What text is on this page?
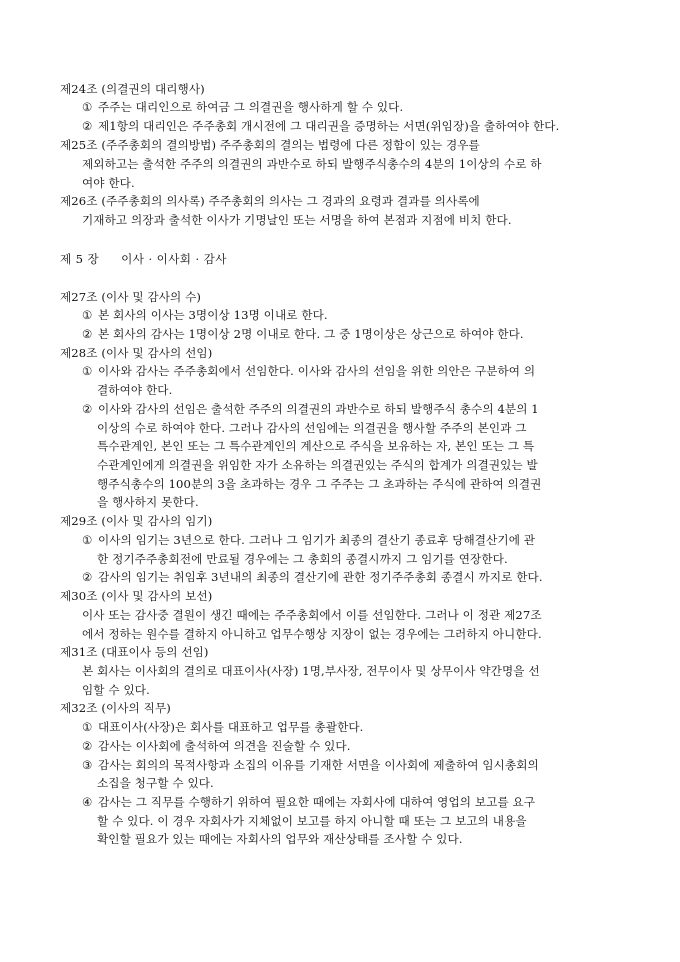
제24조 (의결권의 대리행사)
① 주주는 대리인으로 하여금 그 의결권을 행사하게 할 수 있다.
② 제1항의 대리인은 주주총회 개시전에 그 대리권을 증명하는 서면(위임장)을 출하여야 한다.
제25조 (주주총회의 결의방법) 주주총회의 결의는 법령에 다른 정함이 있는 경우를
제외하고는 출석한 주주의 의결권의 과반수로 하되 발행주식총수의 4분의 1이상의 수로 하
여야 한다.
제26조 (주주총회의 의사록) 주주총회의 의사는 그 경과의 요령과 결과를 의사록에
기재하고 의장과 출석한 이사가 기명날인 또는 서명을 하여 본점과 지점에 비치 한다.
제 5 장 이사 · 이사회 · 감사
제27조 (이사 및 감사의 수)
① 본 회사의 이사는 3명이상 13명 이내로 한다.
② 본 회사의 감사는 1명이상 2명 이내로 한다. 그 중 1명이상은 상근으로 하여야 한다.
제28조 (이사 및 감사의 선임)
① 이사와 감사는 주주총회에서 선임한다. 이사와 감사의 선임을 위한 의안은 구분하여 의
결하여야 한다.
② 이사와 감사의 선임은 출석한 주주의 의결권의 과반수로 하되 발행주식 총수의 4분의 1
이상의 수로 하여야 한다. 그러나 감사의 선임에는 의결권을 행사할 주주의 본인과 그
특수관계인, 본인 또는 그 특수관계인의 계산으로 주식을 보유하는 자, 본인 또는 그 특
수관계인에게 의결권을 위임한 자가 소유하는 의결권있는 주식의 합계가 의결권있는 발
행주식총수의 100분의 3을 초과하는 경우 그 주주는 그 초과하는 주식에 관하여 의결권
을 행사하지 못한다.
제29조 (이사 및 감사의 임기)
① 이사의 임기는 3년으로 한다. 그러나 그 임기가 최종의 결산기 종료후 당해결산기에 관
한 정기주주총회전에 만료될 경우에는 그 총회의 종결시까지 그 임기를 연장한다.
② 감사의 임기는 취임후 3년내의 최종의 결산기에 관한 정기주주총회 종결시 까지로 한다.
제30조 (이사 및 감사의 보선)
이사 또는 감사중 결원이 생긴 때에는 주주총회에서 이를 선임한다. 그러나 이 정관 제27조
에서 정하는 원수를 결하지 아니하고 업무수행상 지장이 없는 경우에는 그러하지 아니한다.
제31조 (대표이사 등의 선임)
본 회사는 이사회의 결의로 대표이사(사장) 1명,부사장, 전무이사 및 상무이사 약간명을 선
임할 수 있다.
제32조 (이사의 직무)
① 대표이사(사장)은 회사를 대표하고 업무를 총괄한다.
② 감사는 이사회에 출석하여 의견을 진술할 수 있다.
③ 감사는 회의의 목적사항과 소집의 이유를 기재한 서면을 이사회에 제출하여 임시총회의
소집을 청구할 수 있다.
④ 감사는 그 직무를 수행하기 위하여 필요한 때에는 자회사에 대하여 영업의 보고를 요구
할 수 있다. 이 경우 자회사가 지체없이 보고를 하지 아니할 때 또는 그 보고의 내용을
확인할 필요가 있는 때에는 자회사의 업무와 재산상태를 조사할 수 있다.
